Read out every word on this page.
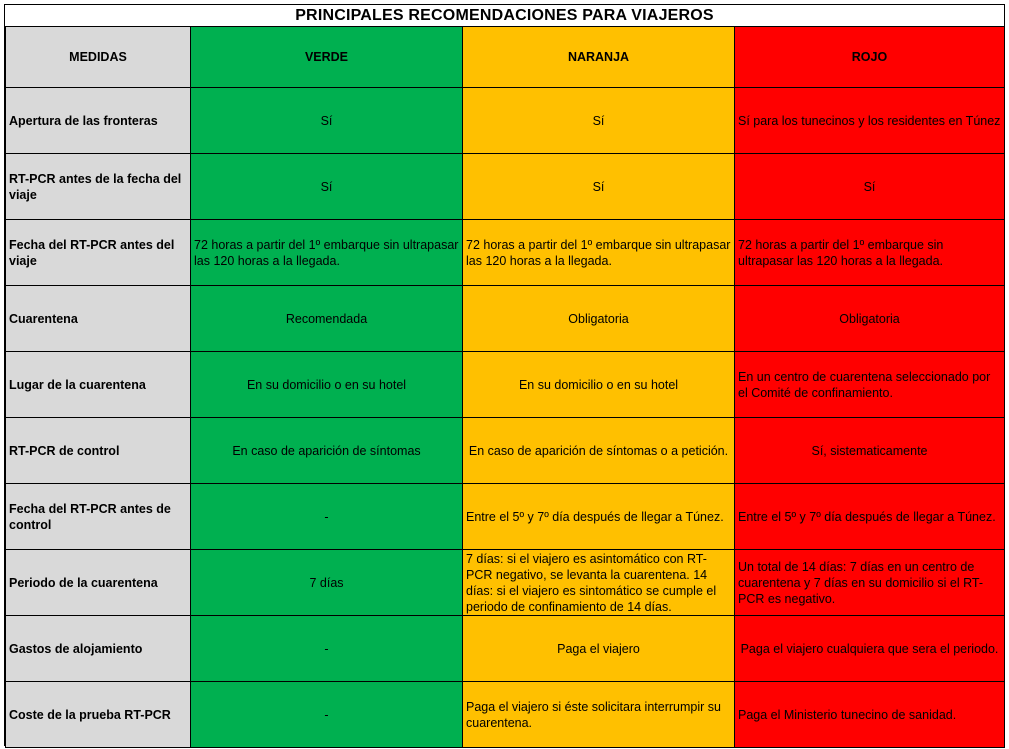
PRINCIPALES RECOMENDACIONES PARA VIAJEROS
MEDIDAS	VERDE	NARANJA	ROJO
Apertura de las fronteras	Sí	Sí	Sí para los tunecinos y los residentes en Túnez
RT-PCR antes de la fecha del viaje	Sí	Sí	Sí
Fecha del RT-PCR antes del viaje	72 horas a partir del 1º embarque sin ultrapasar las 120 horas a la llegada.	72 horas a partir del 1º embarque sin ultrapasar las 120 horas a la llegada.	72 horas a partir del 1º embarque sin ultrapasar las 120 horas a la llegada.
Cuarentena	Recomendada	Obligatoria	Obligatoria
Lugar de la cuarentena	En su domicilio o en su hotel	En su domicilio o en su hotel	En un centro de cuarentena seleccionado por el Comité de confinamiento.
RT-PCR de control	En caso de aparición de síntomas	En caso de aparición de síntomas o a petición.	Sí, sistematicamente
Fecha del RT-PCR antes de control	-	Entre el 5º y 7º día después de llegar a Túnez.	Entre el 5º y 7º día después de llegar a Túnez.
Periodo de la cuarentena	7 días	7 días: si el viajero es asintomático con RT-PCR negativo, se levanta la cuarentena. 14 días: si el viajero es sintomático se cumple el periodo de confinamiento de 14 días.	Un total de 14 días: 7 días en un centro de cuarentena y 7 días en su domicilio si el RT-PCR es negativo.
Gastos de alojamiento	-	Paga el viajero	Paga el viajero cualquiera que sera el periodo.
Coste de la prueba RT-PCR	-	Paga el viajero si éste solicitara interrumpir su cuarentena.	Paga el Ministerio tunecino de sanidad.
